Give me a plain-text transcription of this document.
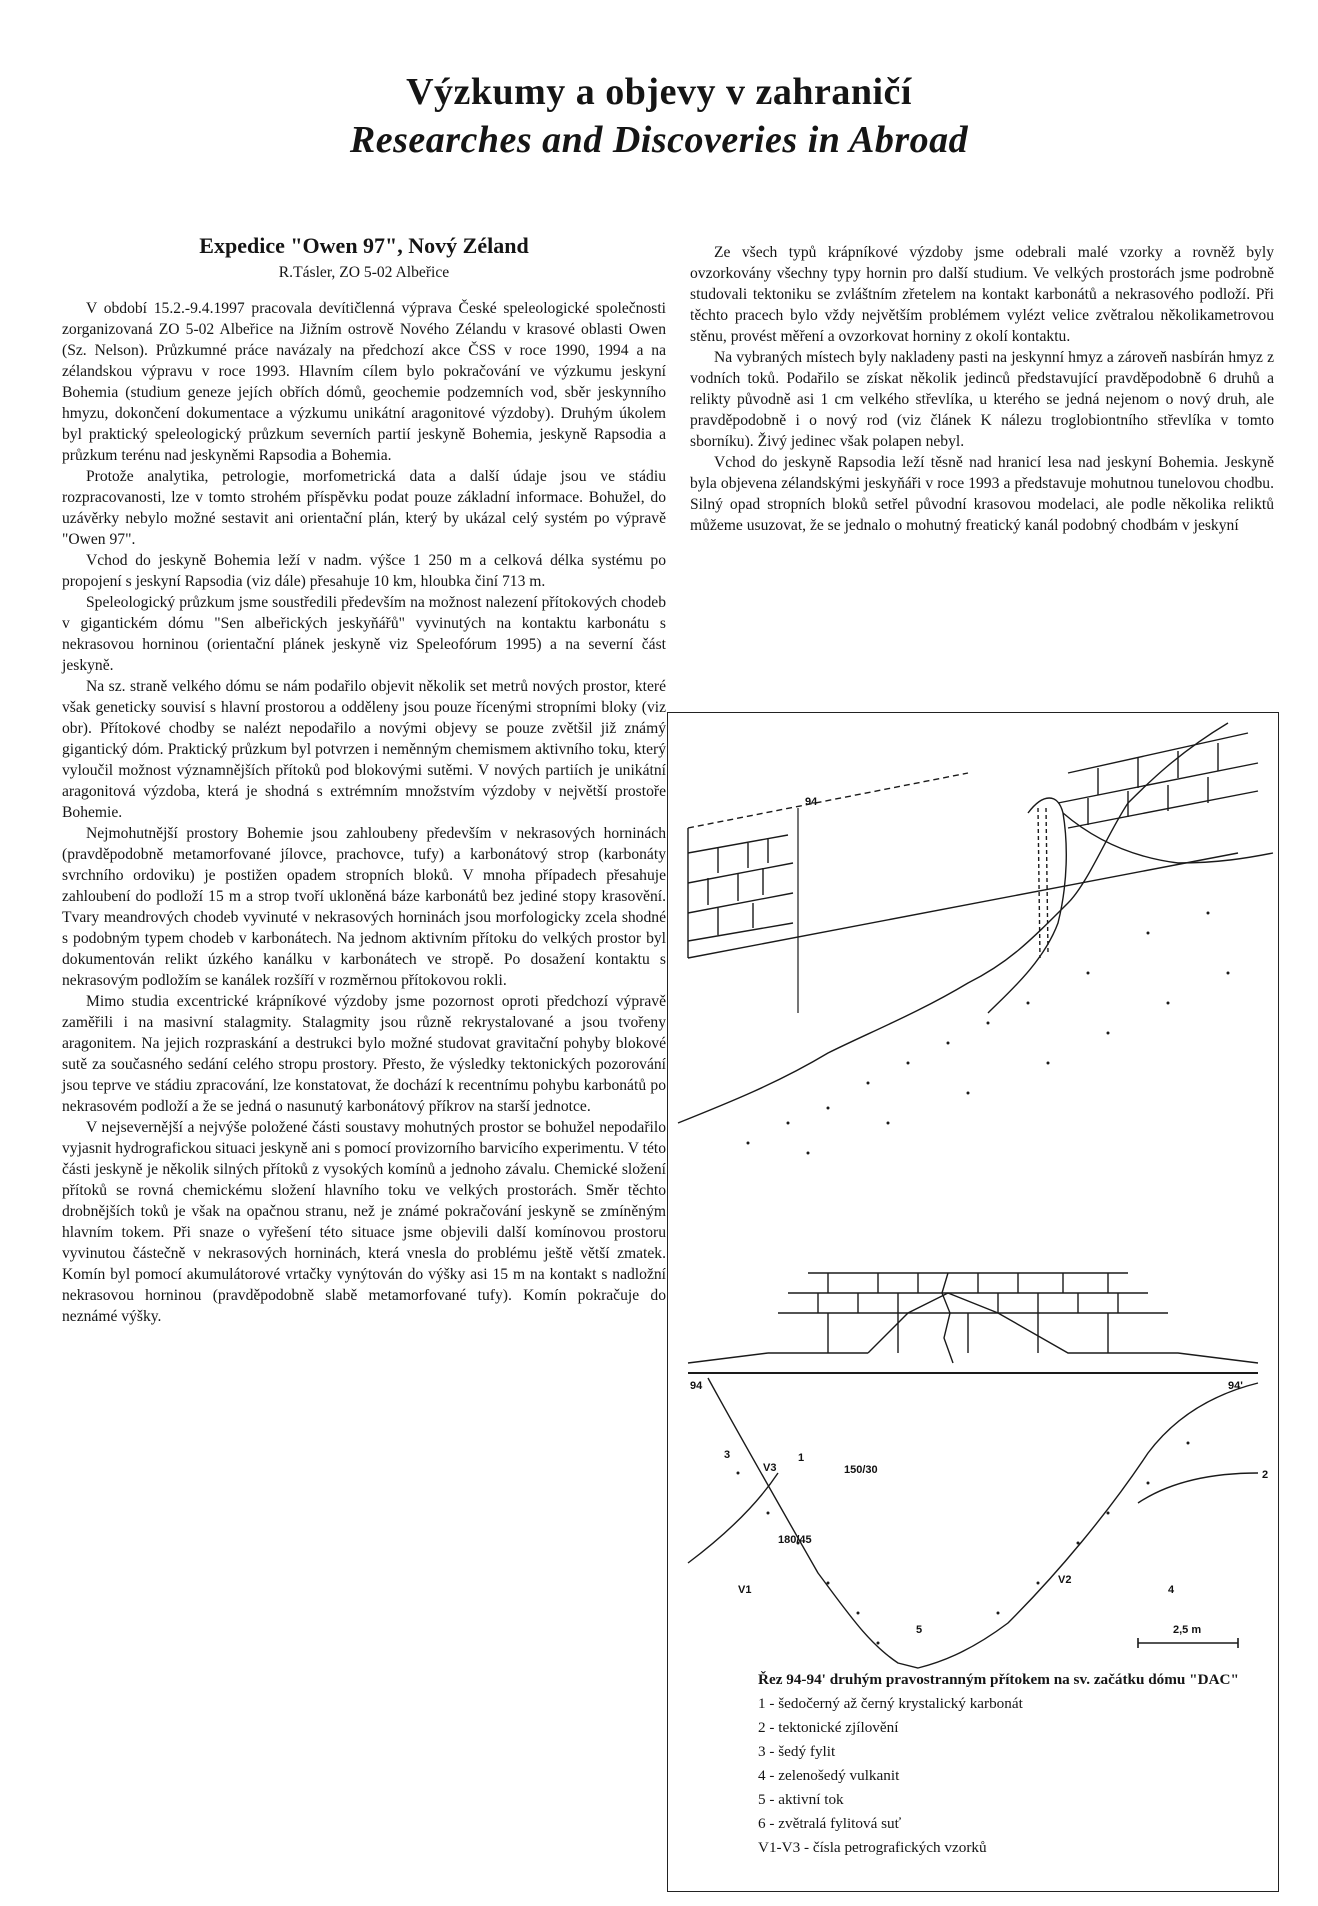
Výzkumy a objevy v zahraničí
Researches and Discoveries in Abroad
Expedice "Owen 97", Nový Zéland

R.Tásler, ZO 5-02 Albeřice

V období 15.2.-9.4.1997 pracovala devítičlenná výprava České speleologické společnosti zorganizovaná ZO 5-02 Albeřice na Jižním ostrově Nového Zélandu v krasové oblasti Owen (Sz. Nelson). Průzkumné práce navázaly na předchozí akce ČSS v roce 1990, 1994 a na zélandskou výpravu v roce 1993. Hlavním cílem bylo pokračování ve výzkumu jeskyní Bohemia (studium geneze jejích obřích dómů, geochemie podzemních vod, sběr jeskynního hmyzu, dokončení dokumentace a výzkumu unikátní aragonitové výzdoby). Druhým úkolem byl praktický speleologický průzkum severních partií jeskyně Bohemia, jeskyně Rapsodia a průzkum terénu nad jeskyněmi Rapsodia a Bohemia.

Protože analytika, petrologie, morfometrická data a další údaje jsou ve stádiu rozpracovanosti, lze v tomto stroh͏ém příspěvku podat pouze základní informace. Bohužel, do uzávěrky nebylo možné sestavit ani orientační plán, který by ukázal celý systém po výpravě "Owen 97".

Vchod do jeskyně Bohemia leží v nadm. výšce 1 250 m a celková délka systému po propojení s jeskyní Rapsodia (viz dále) přesahuje 10 km, hloubka činí 713 m.

Speleologický průzkum jsme soustředili především na možnost nalezení přítokových chodeb v gigantickém dómu "Sen albeřických jeskyňářů" vyvinutých na kontaktu karbonátu s nekrasovou horninou (orientační plánek jeskyně viz Speleofórum 1995) a na severní část jeskyně.

Na sz. straně velkého dómu se nám podařilo objevit několik set metrů nových prostor, které však geneticky souvisí s hlavní prostorou a odděleny jsou pouze řícenými stropními bloky (viz obr). Přítokové chodby se nalézt nepodařilo a novými objevy se pouze zvětšil již známý gigantický dóm. Praktický průzkum byl potvrzen i neměnným chemismem aktivního toku, který vyloučil možnost významnějších přítoků pod blokovými sutěmi. V nových partiích je unikátní aragonitová výzdoba, která je shodná s extrémním množstvím výzdoby v největší prostoře Bohemie.

Nejmohutnější prostory Bohemie jsou zahloubeny především v nekrasových horninách (pravděpodobně metamorfované jílovce, prachovce, tufy) a karbonátový strop (karbonáty svrchního ordoviku) je postižen opadem stropních bloků. V mnoha případech přesahuje zahloubení do podloží 15 m a strop tvoří ukloněná báze karbonátů bez jediné stopy krasovění. Tvary meandrových chodeb vyvinuté v nekrasových horninách jsou morfologicky zcela shodné s podobným typem chodeb v karbonátech. Na jednom aktivním přítoku do velkých prostor byl dokumentován relikt úzkého kanálku v karbonátech ve stropě. Po dosažení kontaktu s nekrasovým podložím se kanálek rozšíří v rozměrnou přítokovou rokli.

Mimo studia excentrické krápníkové výzdoby jsme pozornost oproti předchozí výpravě zaměřili i na masivní stalagmity. Stalagmity jsou různě rekrystalované a jsou tvořeny aragonitem. Na jejich rozpraskání a destrukci bylo možné studovat gravitační pohyby blokové sutě za současného sedání celého stropu prostory. Přesto, že výsledky tektonických pozorování jsou teprve ve stádiu zpracování, lze konstatovat, že dochází k recentnímu pohybu karbonátů po nekrasovém podloží a že se jedná o nasunutý karbonátový příkrov na starší jednotce.

V nejsevernější a nejvýše položené části soustavy mohutných prostor se bohužel nepodařilo vyjasnit hydrografickou situaci jeskyně ani s pomocí provizorního barvicího experimentu. V této části jeskyně je několik silných přítoků z vysokých komínů a jednoho závalu. Chemické složení přítoků se rovná chemickému složení hlavního toku ve velkých prostorách. Směr těchto drobnějších toků je však na opačnou stranu, než je známé pokračování jeskyně se zmíněným hlavním tokem. Při snaze o vyřešení této situace jsme objevili další komínovou prostoru vyvinutou částečně v nekrasových horninách, která vnesla do problému ještě větší zmatek. Komín byl pomocí akumulátorové vrtačky vynýtován do výšky asi 15 m na kontakt s nadložní nekrasovou horninou (pravděpodobně slabě metamorfované tufy). Komín pokračuje do neznámé výšky.

Ze všech typů krápníkové výzdoby jsme odebrali malé vzorky a rovněž byly ovzorkovány všechny typy hornin pro další studium. Ve velkých prostorách jsme podrobně studovali tektoniku se zvláštním zřetelem na kontakt karbonátů a nekrasového podloží. Při těchto pracech bylo vždy největším problémem vylézt velice zvětralou několikametrovou stěnu, provést měření a ovzorkovat horniny z okolí kontaktu.

Na vybraných místech byly nakladeny pasti na jeskynní hmyz a zároveň nasbírán hmyz z vodních toků. Podařilo se získat několik jedinců představující pravděpodobně 6 druhů a relikty původně asi 1 cm velkého střevlíka, u kterého se jedná nejenom o nový druh, ale pravděpodobně i o nový rod (viz článek K nálezu troglobiontního střevlíka v tomto sborníku). Živý jedinec však polapen nebyl.

Vchod do jeskyně Rapsodia leží těsně nad hranicí lesa nad jeskyní Bohemia. Jeskyně byla objevena zélandskými jeskyňáři v roce 1993 a představuje mohutnou tunelovou chodbu. Silný opad stropních bloků setřel původní krasovou modelaci, ale podle několika reliktů můžeme usuzovat, že se jednalo o mohutný freatický kanál podobný chodbám v jeskyní

94
94	94'
1
2
3
4
5
V1
V2
V3	150/30
180/45
2,5 m

Řez 94-94' druhým pravostranným přítokem na sv. začátku dómu "DAC"

1 - šedočerný až černý krystalický karbonát

2 - tektonické zjílovění

3 - šedý fylit

4 - zelenošedý vulkanit

5 - aktivní tok

6 - zvětralá fylitová suť

V1-V3 - čísla petrografických vzorků
